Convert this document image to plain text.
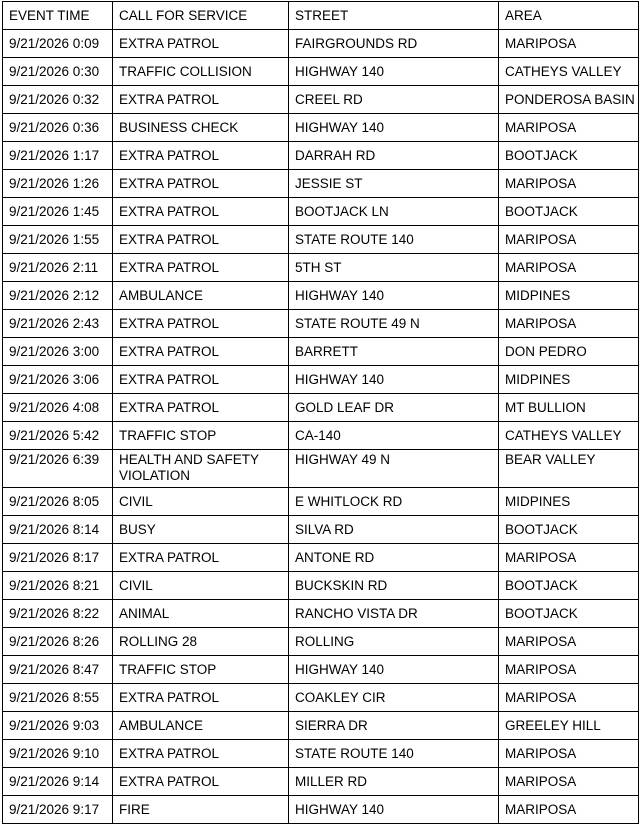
EVENT TIME	CALL FOR SERVICE	STREET	AREA
9/21/2026 0:09	EXTRA PATROL	FAIRGROUNDS RD	MARIPOSA
9/21/2026 0:30	TRAFFIC COLLISION	HIGHWAY 140	CATHEYS VALLEY
9/21/2026 0:32	EXTRA PATROL	CREEL RD	PONDEROSA BASIN
9/21/2026 0:36	BUSINESS CHECK	HIGHWAY 140	MARIPOSA
9/21/2026 1:17	EXTRA PATROL	DARRAH RD	BOOTJACK
9/21/2026 1:26	EXTRA PATROL	JESSIE ST	MARIPOSA
9/21/2026 1:45	EXTRA PATROL	BOOTJACK LN	BOOTJACK
9/21/2026 1:55	EXTRA PATROL	STATE ROUTE 140	MARIPOSA
9/21/2026 2:11	EXTRA PATROL	5TH ST	MARIPOSA
9/21/2026 2:12	AMBULANCE	HIGHWAY 140	MIDPINES
9/21/2026 2:43	EXTRA PATROL	STATE ROUTE 49 N	MARIPOSA
9/21/2026 3:00	EXTRA PATROL	BARRETT	DON PEDRO
9/21/2026 3:06	EXTRA PATROL	HIGHWAY 140	MIDPINES
9/21/2026 4:08	EXTRA PATROL	GOLD LEAF DR	MT BULLION
9/21/2026 5:42	TRAFFIC STOP	CA-140	CATHEYS VALLEY
9/21/2026 6:39	HEALTH AND SAFETY VIOLATION	HIGHWAY 49 N	BEAR VALLEY
9/21/2026 8:05	CIVIL	E WHITLOCK RD	MIDPINES
9/21/2026 8:14	BUSY	SILVA RD	BOOTJACK
9/21/2026 8:17	EXTRA PATROL	ANTONE RD	MARIPOSA
9/21/2026 8:21	CIVIL	BUCKSKIN RD	BOOTJACK
9/21/2026 8:22	ANIMAL	RANCHO VISTA DR	BOOTJACK
9/21/2026 8:26	ROLLING 28	ROLLING	MARIPOSA
9/21/2026 8:47	TRAFFIC STOP	HIGHWAY 140	MARIPOSA
9/21/2026 8:55	EXTRA PATROL	COAKLEY CIR	MARIPOSA
9/21/2026 9:03	AMBULANCE	SIERRA DR	GREELEY HILL
9/21/2026 9:10	EXTRA PATROL	STATE ROUTE 140	MARIPOSA
9/21/2026 9:14	EXTRA PATROL	MILLER RD	MARIPOSA
9/21/2026 9:17	FIRE	HIGHWAY 140	MARIPOSA
